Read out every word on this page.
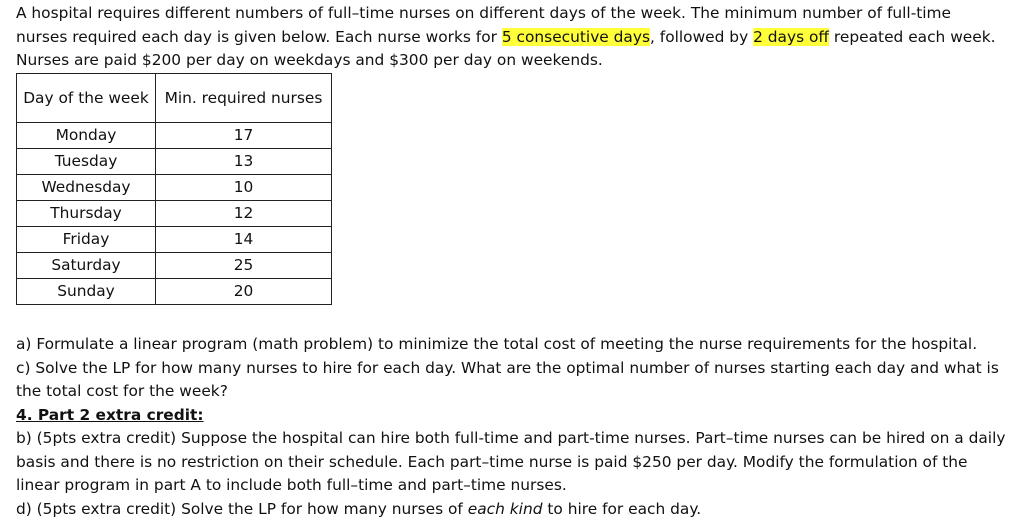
A hospital requires different numbers of full–time nurses on different days of the week. The minimum number of full-time

nurses required each day is given below. Each nurse works for 5 consecutive days, followed by 2 days off repeated each week.

Nurses are paid $200 per day on weekdays and $300 per day on weekends.

Day of the week	Min. required nurses
Monday	17
Tuesday	13
Wednesday	10
Thursday	12
Friday	14
Saturday	25
Sunday	20

a) Formulate a linear program (math problem) to minimize the total cost of meeting the nurse requirements for the hospital.

c) Solve the LP for how many nurses to hire for each day. What are the optimal number of nurses starting each day and what is the total cost for the week?

4. Part 2 extra credit:

b) (5pts extra credit) Suppose the hospital can hire both full-time and part-time nurses. Part–time nurses can be hired on a daily basis and there is no restriction on their schedule. Each part–time nurse is paid $250 per day. Modify the formulation of the linear program in part A to include both full–time and part–time nurses.

d) (5pts extra credit) Solve the LP for how many nurses of each kind to hire for each day.
